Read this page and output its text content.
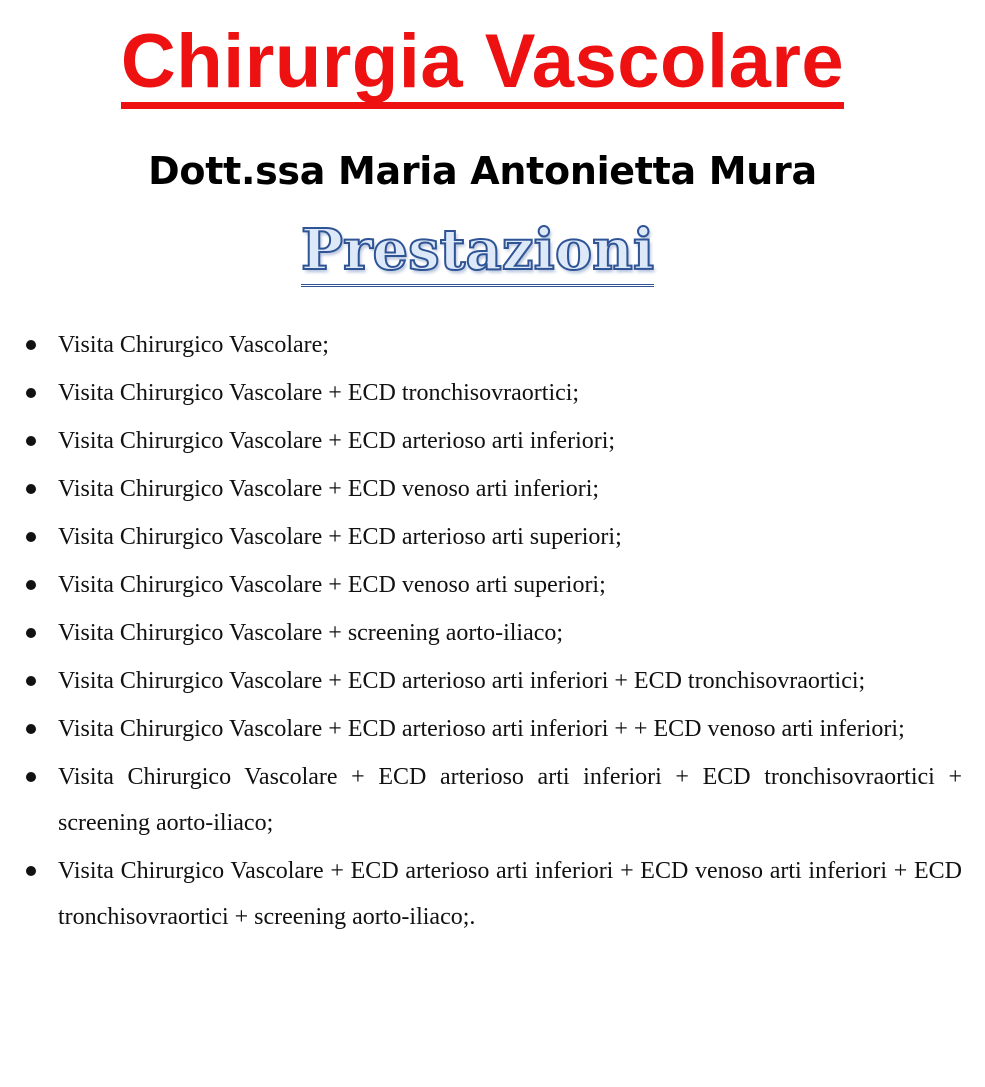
Chirurgia Vascolare
Dott.ssa Maria Antonietta Mura
Prestazioni
Visita Chirurgico Vascolare;
Visita Chirurgico Vascolare + ECD tronchisovraortici;
Visita Chirurgico Vascolare + ECD arterioso arti inferiori;
Visita Chirurgico Vascolare + ECD venoso arti inferiori;
Visita Chirurgico Vascolare + ECD arterioso arti superiori;
Visita Chirurgico Vascolare + ECD venoso arti superiori;
Visita Chirurgico Vascolare + screening aorto-iliaco;
Visita Chirurgico Vascolare + ECD arterioso arti inferiori + ECD tronchisovraortici;
Visita Chirurgico Vascolare + ECD arterioso arti inferiori + + ECD venoso arti inferiori;
Visita Chirurgico Vascolare + ECD arterioso arti inferiori + ECD tronchisovraortici + screening aorto-iliaco;
Visita Chirurgico Vascolare + ECD arterioso arti inferiori + ECD venoso arti inferiori + ECD tronchisovraortici + screening aorto-iliaco;.
